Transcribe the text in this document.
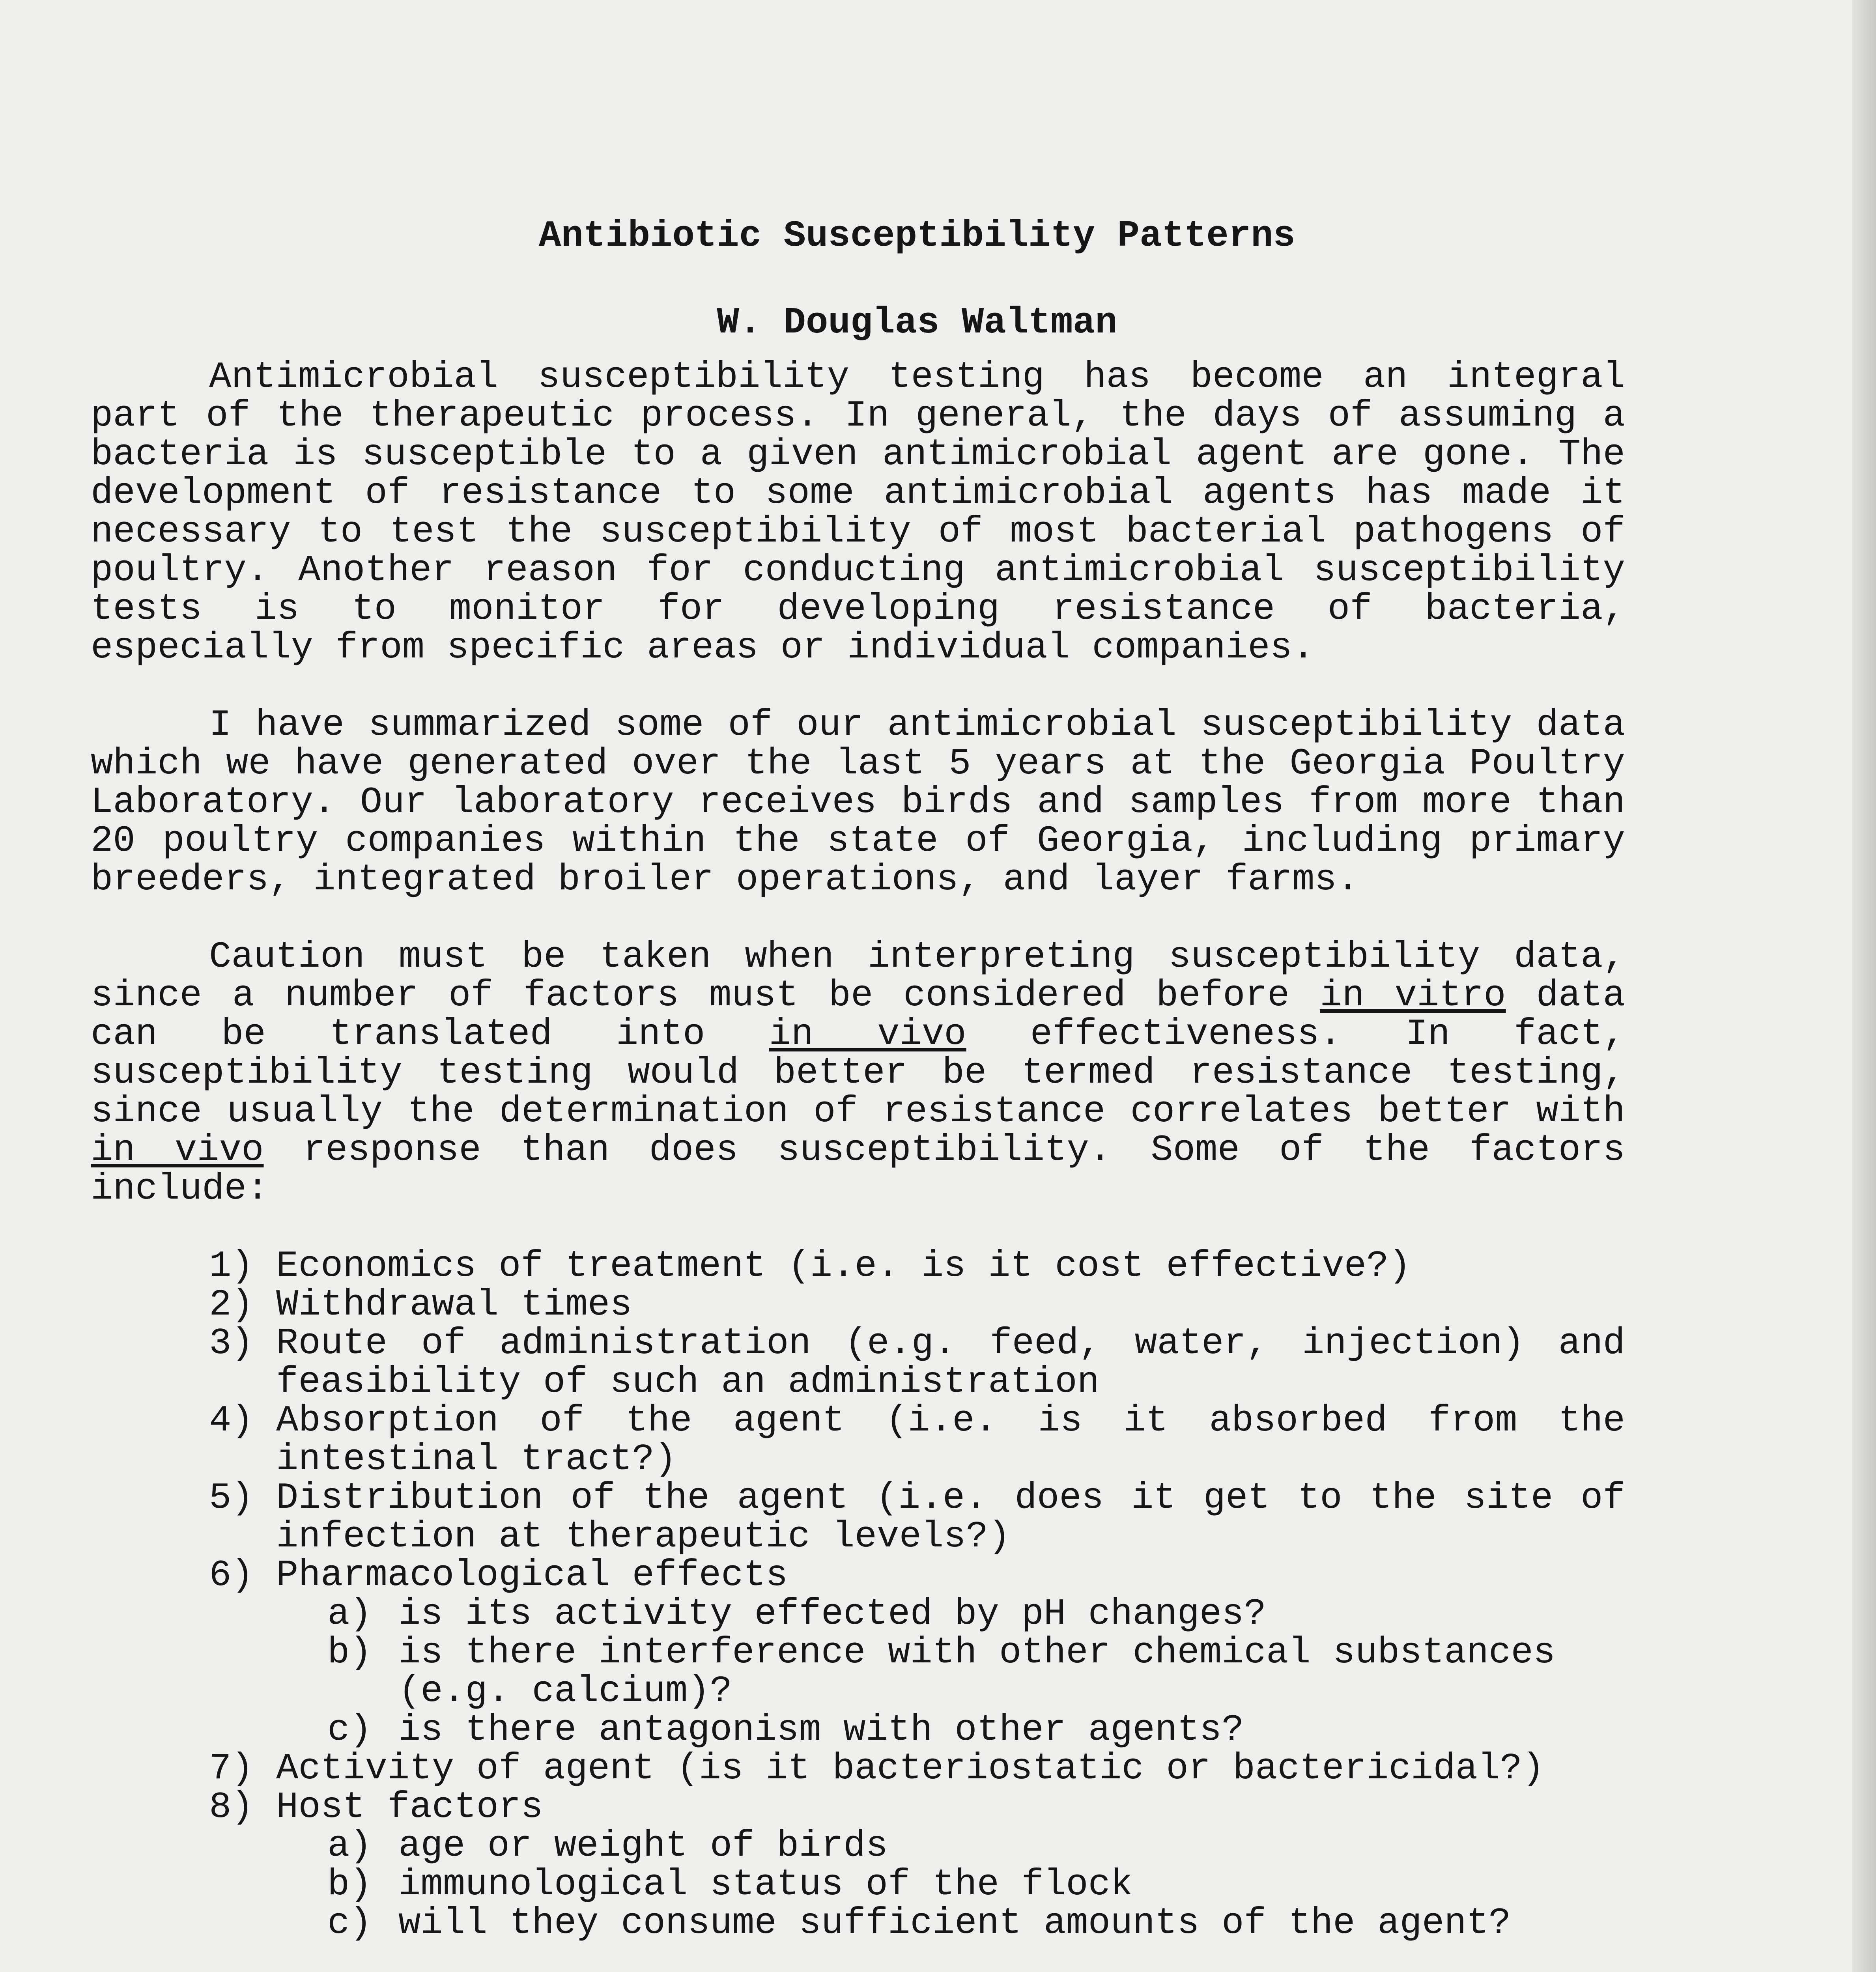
Antibiotic Susceptibility Patterns
W. Douglas Waltman

Antimicrobial susceptibility testing has become an integral part of the therapeutic process. In general, the days of assuming a bacteria is susceptible to a given antimicrobial agent are gone. The development of resistance to some antimicrobial agents has made it necessary to test the susceptibility of most bacterial pathogens of poultry. Another reason for conducting antimicrobial susceptibility tests is to monitor for developing resistance of bacteria, especially from specific areas or individual companies.

I have summarized some of our antimicrobial susceptibility data which we have generated over the last 5 years at the Georgia Poultry Laboratory. Our laboratory receives birds and samples from more than 20 poultry companies within the state of Georgia, including primary breeders, integrated broiler operations, and layer farms.

Caution must be taken when interpreting susceptibility data, since a number of factors must be considered before in vitro data can be translated into in vivo effectiveness. In fact, susceptibility testing would better be termed resistance testing, since usually the determination of resistance correlates better with in vivo response than does susceptibility. Some of the factors include:

1) Economics of treatment (i.e. is it cost effective?)
2) Withdrawal times
3) Route of administration (e.g. feed, water, injection) and feasibility of such an administration
4) Absorption of the agent (i.e. is it absorbed from the intestinal tract?)
5) Distribution of the agent (i.e. does it get to the site of infection at therapeutic levels?)
6) Pharmacological effects
a) is its activity effected by pH changes?
b) is there interference with other chemical substances (e.g. calcium)?
c) is there antagonism with other agents?
7) Activity of agent (is it bacteriostatic or bactericidal?)
8) Host factors
a) age or weight of birds
b) immunological status of the flock
c) will they consume sufficient amounts of the agent?
